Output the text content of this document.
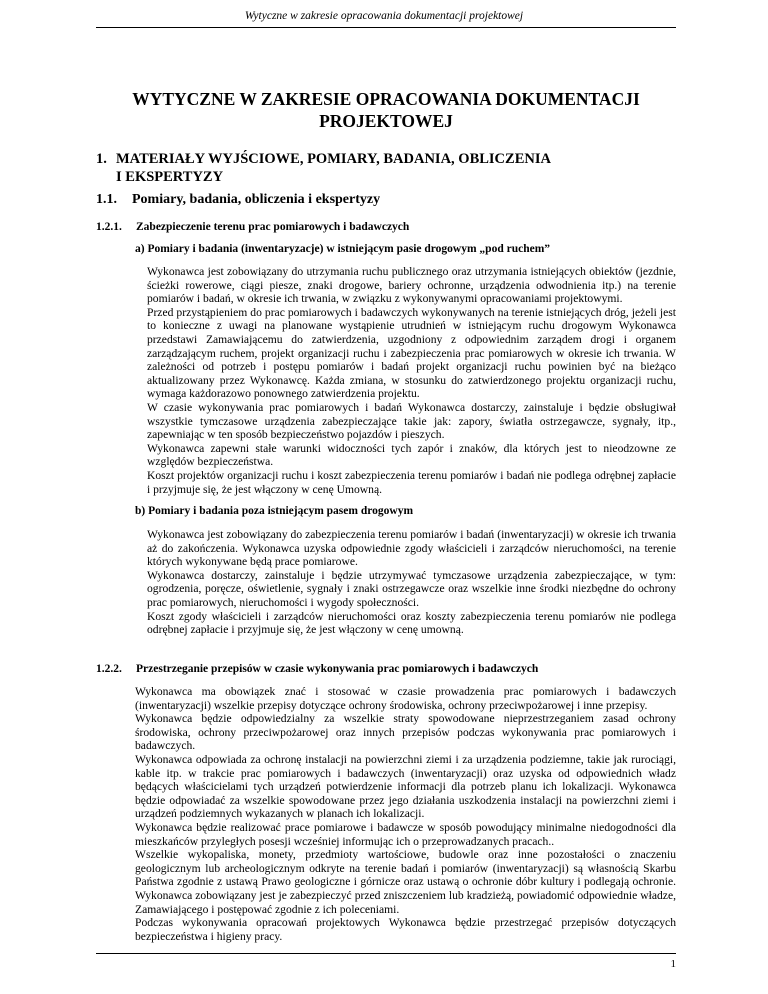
Wytyczne w zakresie opracowania dokumentacji projektowej
WYTYCZNE W ZAKRESIE OPRACOWANIA DOKUMENTACJI
PROJEKTOWEJ
1. MATERIAŁY WYJŚCIOWE, POMIARY, BADANIA, OBLICZENIA
I EKSPERTYZY
1.1. Pomiary, badania, obliczenia i ekspertyzy
1.2.1. Zabezpieczenie terenu prac pomiarowych i badawczych
a) Pomiary i badania (inwentaryzacje) w istniejącym pasie drogowym „pod ruchem”

Wykonawca jest zobowiązany do utrzymania ruchu publicznego oraz utrzymania istniejących obiektów (jezdnie, ścieżki rowerowe, ciągi piesze, znaki drogowe, bariery ochronne, urządzenia odwodnienia itp.) na terenie pomiarów i badań, w okresie ich trwania, w związku z wykonywanymi opracowaniami projektowymi.

Przed przystąpieniem do prac pomiarowych i badawczych wykonywanych na terenie istniejących dróg, jeżeli jest to konieczne z uwagi na planowane wystąpienie utrudnień w istniejącym ruchu drogowym Wykonawca przedstawi Zamawiającemu do zatwierdzenia, uzgodniony z odpowiednim zarządem drogi i organem zarządzającym ruchem, projekt organizacji ruchu i zabezpieczenia prac pomiarowych w okresie ich trwania. W zależności od potrzeb i postępu pomiarów i badań projekt organizacji ruchu powinien być na bieżąco aktualizowany przez Wykonawcę. Każda zmiana, w stosunku do zatwierdzonego projektu organizacji ruchu, wymaga każdorazowo ponownego zatwierdzenia projektu.

W czasie wykonywania prac pomiarowych i badań Wykonawca dostarczy, zainstaluje i będzie obsługiwał wszystkie tymczasowe urządzenia zabezpieczające takie jak: zapory, światła ostrzegawcze, sygnały, itp., zapewniając w ten sposób bezpieczeństwo pojazdów i pieszych.

Wykonawca zapewni stałe warunki widoczności tych zapór i znaków, dla których jest to nieodzowne ze względów bezpieczeństwa.

Koszt projektów organizacji ruchu i koszt zabezpieczenia terenu pomiarów i badań nie podlega odrębnej zapłacie i przyjmuje się, że jest włączony w cenę Umowną.

b) Pomiary i badania poza istniejącym pasem drogowym

Wykonawca jest zobowiązany do zabezpieczenia terenu pomiarów i badań (inwentaryzacji) w okresie ich trwania aż do zakończenia. Wykonawca uzyska odpowiednie zgody właścicieli i zarządców nieruchomości, na terenie których wykonywane będą prace pomiarowe.

Wykonawca dostarczy, zainstaluje i będzie utrzymywać tymczasowe urządzenia zabezpieczające, w tym: ogrodzenia, poręcze, oświetlenie, sygnały i znaki ostrzegawcze oraz wszelkie inne środki niezbędne do ochrony prac pomiarowych, nieruchomości i wygody społeczności.

Koszt zgody właścicieli i zarządców nieruchomości oraz koszty zabezpieczenia terenu pomiarów nie podlega odrębnej zapłacie i przyjmuje się, że jest włączony w cenę umowną.

1.2.2. Przestrzeganie przepisów w czasie wykonywania prac pomiarowych i badawczych

Wykonawca ma obowiązek znać i stosować w czasie prowadzenia prac pomiarowych i badawczych (inwentaryzacji) wszelkie przepisy dotyczące ochrony środowiska, ochrony przeciwpożarowej i inne przepisy.

Wykonawca będzie odpowiedzialny za wszelkie straty spowodowane nieprzestrzeganiem zasad ochrony środowiska, ochrony przeciwpożarowej oraz innych przepisów podczas wykonywania prac pomiarowych i badawczych.

Wykonawca odpowiada za ochronę instalacji na powierzchni ziemi i za urządzenia podziemne, takie jak rurociągi, kable itp. w trakcie prac pomiarowych i badawczych (inwentaryzacji) oraz uzyska od odpowiednich władz będących właścicielami tych urządzeń potwierdzenie informacji dla potrzeb planu ich lokalizacji. Wykonawca będzie odpowiadać za wszelkie spowodowane przez jego działania uszkodzenia instalacji na powierzchni ziemi i urządzeń podziemnych wykazanych w planach ich lokalizacji.

Wykonawca będzie realizować prace pomiarowe i badawcze w sposób powodujący minimalne niedogodności dla mieszkańców przyległych posesji wcześniej informując ich o przeprowadzanych pracach..

Wszelkie wykopaliska, monety, przedmioty wartościowe, budowle oraz inne pozostałości o znaczeniu geologicznym lub archeologicznym odkryte na terenie badań i pomiarów (inwentaryzacji) są własnością Skarbu Państwa zgodnie z ustawą Prawo geologiczne i górnicze oraz ustawą o ochronie dóbr kultury i podlegają ochronie. Wykonawca zobowiązany jest je zabezpieczyć przed zniszczeniem lub kradzieżą, powiadomić odpowiednie władze, Zamawiającego i postępować zgodnie z ich poleceniami.

Podczas wykonywania opracowań projektowych Wykonawca będzie przestrzegać przepisów dotyczących bezpieczeństwa i higieny pracy.

1
